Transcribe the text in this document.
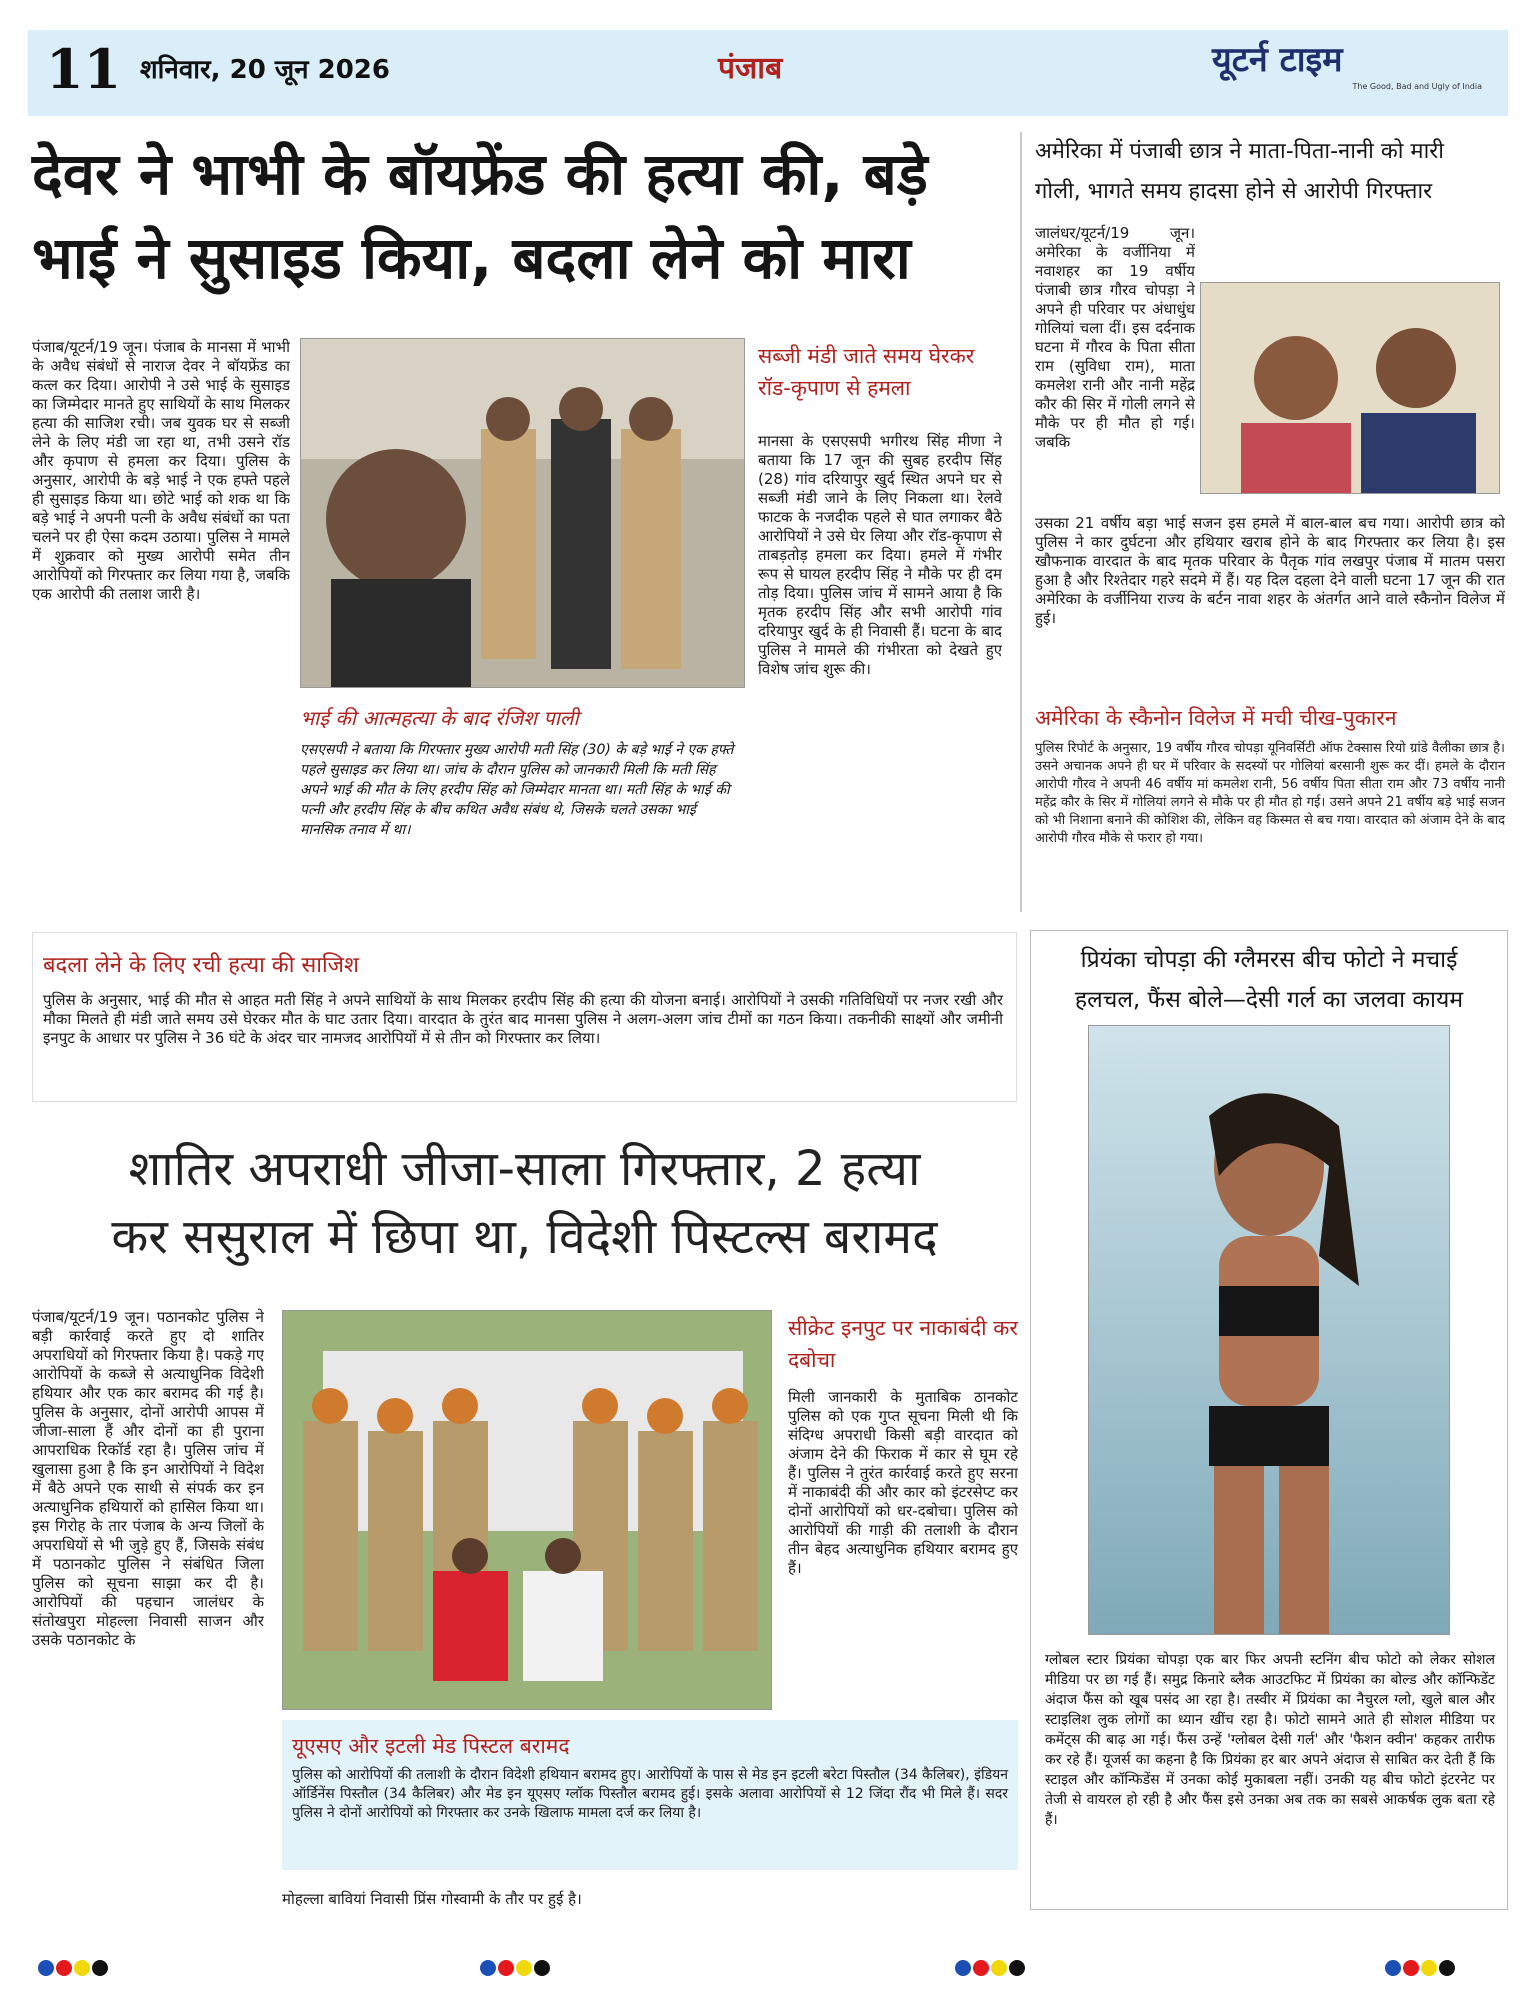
11 शनिवार, 20 जून 2026	पंजाब	यूटर्न टाइम
The Good, Bad and Ugly of India
देवर ने भाभी के बॉयफ्रेंड की हत्या की, बड़े
भाई ने सुसाइड किया, बदला लेने को मारा
पंजाब/यूटर्न/19 जून। पंजाब के मानसा में भाभी के अवैध संबंधों से नाराज देवर ने बॉयफ्रेंड का कत्ल कर दिया। आरोपी ने उसे भाई के सुसाइड का जिम्मेदार मानते हुए साथियों के साथ मिलकर हत्या की साजिश रची। जब युवक घर से सब्जी लेने के लिए मंडी जा रहा था, तभी उसने रॉड और कृपाण से हमला कर दिया। पुलिस के अनुसार, आरोपी के बड़े भाई ने एक हफ्ते पहले ही सुसाइड किया था। छोटे भाई को शक था कि बड़े भाई ने अपनी पत्नी के अवैध संबंधों का पता चलने पर ही ऐसा कदम उठाया। पुलिस ने मामले में शुक्रवार को मुख्य आरोपी समेत तीन आरोपियों को गिरफ्तार कर लिया गया है, जबकि एक आरोपी की तलाश जारी है।
भाई की आत्महत्या के बाद रंजिश पाली
एसएसपी ने बताया कि गिरफ्तार मुख्य आरोपी मती सिंह (30) के बड़े भाई ने एक हफ्ते पहले सुसाइड कर लिया था। जांच के दौरान पुलिस को जानकारी मिली कि मती सिंह अपने भाई की मौत के लिए हरदीप सिंह को जिम्मेदार मानता था। मती सिंह के भाई की पत्नी और हरदीप सिंह के बीच कथित अवैध संबंध थे, जिसके चलते उसका भाई मानसिक तनाव में था।
सब्जी मंडी जाते समय घेरकर रॉड-कृपाण से हमला
मानसा के एसएसपी भगीरथ सिंह मीणा ने बताया कि 17 जून की सुबह हरदीप सिंह (28) गांव दरियापुर खुर्द स्थित अपने घर से सब्जी मंडी जाने के लिए निकला था। रेलवे फाटक के नजदीक पहले से घात लगाकर बैठे आरोपियों ने उसे घेर लिया और रॉड-कृपाण से ताबड़तोड़ हमला कर दिया। हमले में गंभीर रूप से घायल हरदीप सिंह ने मौके पर ही दम तोड़ दिया। पुलिस जांच में सामने आया है कि मृतक हरदीप सिंह और सभी आरोपी गांव दरियापुर खुर्द के ही निवासी हैं। घटना के बाद पुलिस ने मामले की गंभीरता को देखते हुए विशेष जांच शुरू की।
बदला लेने के लिए रची हत्या की साजिश
पुलिस के अनुसार, भाई की मौत से आहत मती सिंह ने अपने साथियों के साथ मिलकर हरदीप सिंह की हत्या की योजना बनाई। आरोपियों ने उसकी गतिविधियों पर नजर रखी और मौका मिलते ही मंडी जाते समय उसे घेरकर मौत के घाट उतार दिया। वारदात के तुरंत बाद मानसा पुलिस ने अलग-अलग जांच टीमों का गठन किया। तकनीकी साक्ष्यों और जमीनी इनपुट के आधार पर पुलिस ने 36 घंटे के अंदर चार नामजद आरोपियों में से तीन को गिरफ्तार कर लिया।
अमेरिका में पंजाबी छात्र ने माता-पिता-नानी को मारी
गोली, भागते समय हादसा होने से आरोपी गिरफ्तार
जालंधर/यूटर्न/19 जून। अमेरिका के वर्जीनिया में नवाशहर का 19 वर्षीय पंजाबी छात्र गौरव चोपड़ा ने अपने ही परिवार पर अंधाधुंध गोलियां चला दीं। इस दर्दनाक घटना में गौरव के पिता सीता राम (सुविधा राम), माता कमलेश रानी और नानी महेंद्र कौर की सिर में गोली लगने से मौके पर ही मौत हो गई। जबकि
उसका 21 वर्षीय बड़ा भाई सजन इस हमले में बाल-बाल बच गया। आरोपी छात्र को पुलिस ने कार दुर्घटना और हथियार खराब होने के बाद गिरफ्तार कर लिया है। इस खौफनाक वारदात के बाद मृतक परिवार के पैतृक गांव लखपुर पंजाब में मातम पसरा हुआ है और रिश्तेदार गहरे सदमे में हैं। यह दिल दहला देने वाली घटना 17 जून की रात अमेरिका के वर्जीनिया राज्य के बर्टन नावा शहर के अंतर्गत आने वाले स्कैनोन विलेज में हुई।
अमेरिका के स्कैनोन विलेज में मची चीख-पुकारन
पुलिस रिपोर्ट के अनुसार, 19 वर्षीय गौरव चोपड़ा यूनिवर्सिटी ऑफ टेक्सास रियो ग्रांडे वैलीका छात्र है। उसने अचानक अपने ही घर में परिवार के सदस्यों पर गोलियां बरसानी शुरू कर दीं। हमले के दौरान आरोपी गौरव ने अपनी 46 वर्षीय मां कमलेश रानी, 56 वर्षीय पिता सीता राम और 73 वर्षीय नानी महेंद्र कौर के सिर में गोलियां लगने से मौके पर ही मौत हो गई। उसने अपने 21 वर्षीय बड़े भाई सजन को भी निशाना बनाने की कोशिश की, लेकिन वह किस्मत से बच गया। वारदात को अंजाम देने के बाद आरोपी गौरव मौके से फरार हो गया।
शातिर अपराधी जीजा-साला गिरफ्तार, 2 हत्या
कर ससुराल में छिपा था, विदेशी पिस्टल्स बरामद
पंजाब/यूटर्न/19 जून। पठानकोट पुलिस ने बड़ी कार्रवाई करते हुए दो शातिर अपराधियों को गिरफ्तार किया है। पकड़े गए आरोपियों के कब्जे से अत्याधुनिक विदेशी हथियार और एक कार बरामद की गई है। पुलिस के अनुसार, दोनों आरोपी आपस में जीजा-साला हैं और दोनों का ही पुराना आपराधिक रिकॉर्ड रहा है। पुलिस जांच में खुलासा हुआ है कि इन आरोपियों ने विदेश में बैठे अपने एक साथी से संपर्क कर इन अत्याधुनिक हथियारों को हासिल किया था। इस गिरोह के तार पंजाब के अन्य जिलों के अपराधियों से भी जुड़े हुए हैं, जिसके संबंध में पठानकोट पुलिस ने संबंधित जिला पुलिस को सूचना साझा कर दी है। आरोपियों की पहचान जालंधर के संतोखपुरा मोहल्ला निवासी साजन और उसके पठानकोट के
सीक्रेट इनपुट पर नाकाबंदी कर दबोचा
मिली जानकारी के मुताबिक ठानकोट पुलिस को एक गुप्त सूचना मिली थी कि संदिग्ध अपराधी किसी बड़ी वारदात को अंजाम देने की फिराक में कार से घूम रहे हैं। पुलिस ने तुरंत कार्रवाई करते हुए सरना में नाकाबंदी की और कार को इंटरसेप्ट कर दोनों आरोपियों को धर-दबोचा। पुलिस को आरोपियों की गाड़ी की तलाशी के दौरान तीन बेहद अत्याधुनिक हथियार बरामद हुए हैं।
यूएसए और इटली मेड पिस्टल बरामद
पुलिस को आरोपियों की तलाशी के दौरान विदेशी हथियान बरामद हुए। आरोपियों के पास से मेड इन इटली बरेटा पिस्तौल (34 कैलिबर), इंडियन ऑर्डिनेंस पिस्तौल (34 कैलिबर) और मेड इन यूएसए ग्लॉक पिस्तौल बरामद हुई। इसके अलावा आरोपियों से 12 जिंदा रौंद भी मिले हैं। सदर पुलिस ने दोनों आरोपियों को गिरफ्तार कर उनके खिलाफ मामला दर्ज कर लिया है।
मोहल्ला बावियां निवासी प्रिंस गोस्वामी के तौर पर हुई है।
प्रियंका चोपड़ा की ग्लैमरस बीच फोटो ने मचाई
हलचल, फैंस बोले—देसी गर्ल का जलवा कायम
ग्लोबल स्टार प्रियंका चोपड़ा एक बार फिर अपनी स्टनिंग बीच फोटो को लेकर सोशल मीडिया पर छा गई हैं। समुद्र किनारे ब्लैक आउटफिट में प्रियंका का बोल्ड और कॉन्फिडेंट अंदाज फैंस को खूब पसंद आ रहा है। तस्वीर में प्रियंका का नैचुरल ग्लो, खुले बाल और स्टाइलिश लुक लोगों का ध्यान खींच रहा है। फोटो सामने आते ही सोशल मीडिया पर कमेंट्स की बाढ़ आ गई। फैंस उन्हें 'ग्लोबल देसी गर्ल' और 'फैशन क्वीन' कहकर तारीफ कर रहे हैं। यूजर्स का कहना है कि प्रियंका हर बार अपने अंदाज से साबित कर देती हैं कि स्टाइल और कॉन्फिडेंस में उनका कोई मुकाबला नहीं। उनकी यह बीच फोटो इंटरनेट पर तेजी से वायरल हो रही है और फैंस इसे उनका अब तक का सबसे आकर्षक लुक बता रहे हैं।
